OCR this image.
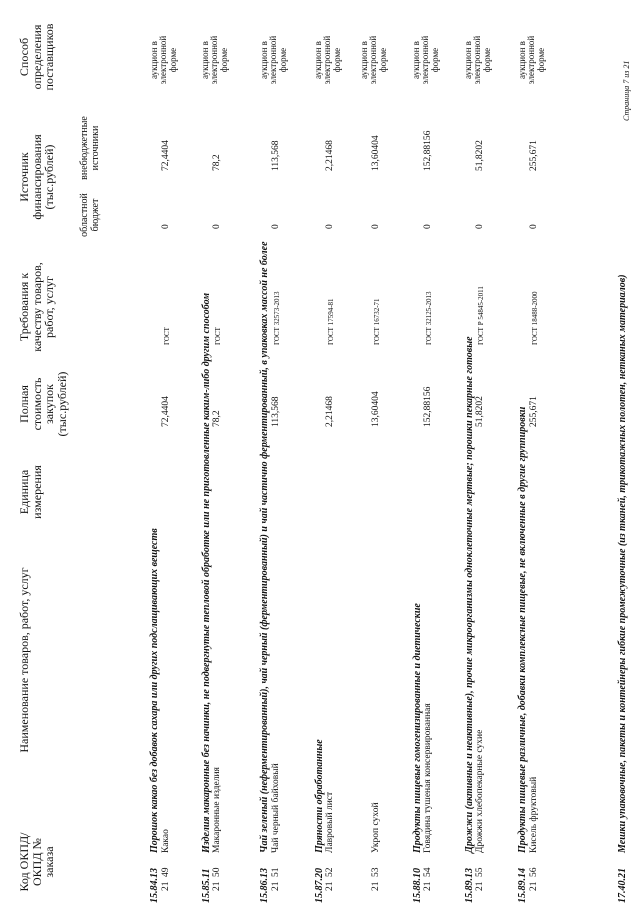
Код ОКПД/ ОКПД № заказа
Наименование товаров, работ, услуг
Единица измерения
Полная стоимость закупок (тыс.рублей)
Требования к качеству товаров, работ, услуг
Источник финансирования (тыс.рублей)
областной бюджет
внебюджетные источники
Способ определения поставщиков
15.84.13
Порошок какао без добавок сахара или других подслащивающих веществ
21
49
Какао
72,4404
ГОСТ
0
72,4404
аукцион в электронной форме
15.85.11
Изделия макаронные без начинки, не подвергнутые тепловой обработке или не приготовленные каким-либо другим способом
21
50
Макаронные изделия
78,2
ГОСТ
0
78,2
аукцион в электронной форме
15.86.13
Чай зеленый (неферментированный), чай черный (ферментированный) и чай частично ферментированный, в упаковках массой не более
21
51
Чай черный байховый
113,568
ГОСТ 32573-2013
0
113,568
аукцион в электронной форме
15.87.20
Пряности обработанные
21
52
Лавровый лист
2,21468
ГОСТ 17594-81
0
2,21468
аукцион в электронной форме
21
53
Укроп сухой
13,60404
ГОСТ 16732-71
0
13,60404
аукцион в электронной форме
15.88.10
Продукты пищевые гомогенизированные и диетические
21
54
Говядина тушеная консервированная
152,88156
ГОСТ 32125-2013
0
152,88156
аукцион в электронной форме
15.89.13
Дрожжи (активные и неактивные), прочие микроорганизмы одноклеточные мертвые; порошки пекарные готовые
21
55
Дрожжи хлебопекарные сухие
51,8202
ГОСТ Р 54845-2011
0
51,8202
аукцион в электронной форме
15.89.14
Продукты пищевые различные, добавки комплексные пищевые, не включенные в другие группировки
21
56
Кисель фруктовый
255,671
ГОСТ 18488-2000
0
255,671
аукцион в электронной форме
17.40.21
Мешки упаковочные, пакеты и контейнеры гибкие промежуточные (из тканей, трикотажных полотен, нетканых материалов)
Страница 7 из 21
